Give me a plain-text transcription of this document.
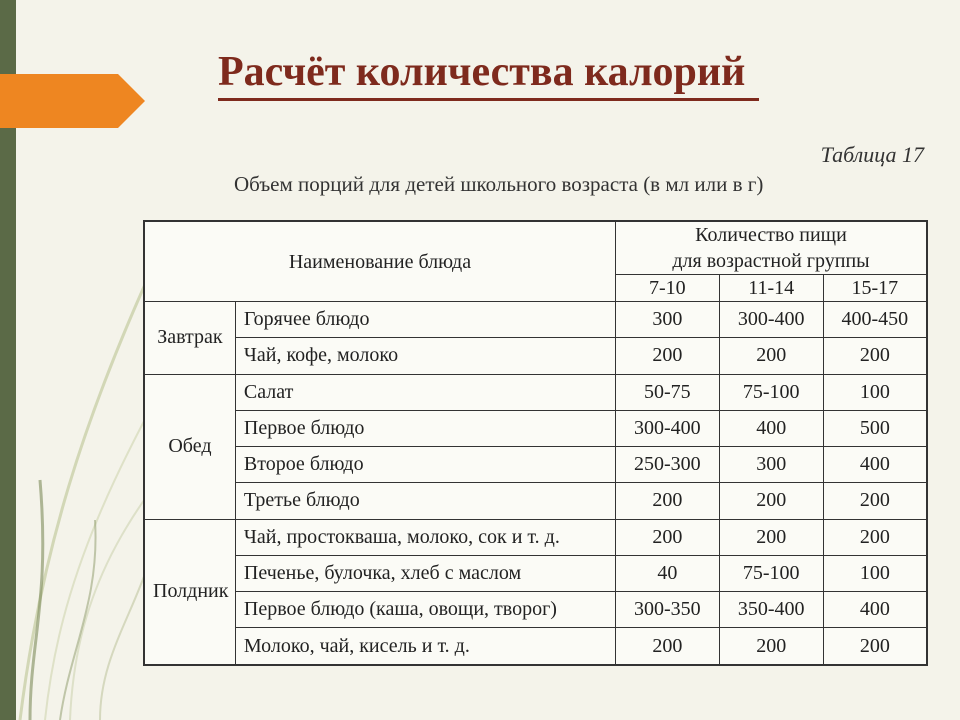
Расчёт количества калорий
Таблица 17
Объем порций для детей школьного возраста (в мл или в г)
Наименование блюда		Количество пищи
для возрастной группы		

		7-10	11-14	15-17
Завтрак	Горячее блюдо	300	300-400	400-450
	Чай, кофе, молоко	200	200	200
Обед	Салат	50-75	75-100	100
	Первое блюдо	300-400	400	500
	Второе блюдо	250-300	300	400
	Третье блюдо	200	200	200
Полдник	Чай, простокваша, молоко, сок и т. д.	200	200	200
	Печенье, булочка, хлеб с маслом	40	75-100	100
	Первое блюдо (каша, овощи, творог)	300-350	350-400	400
	Молоко, чай, кисель и т. д.	200	200	200
